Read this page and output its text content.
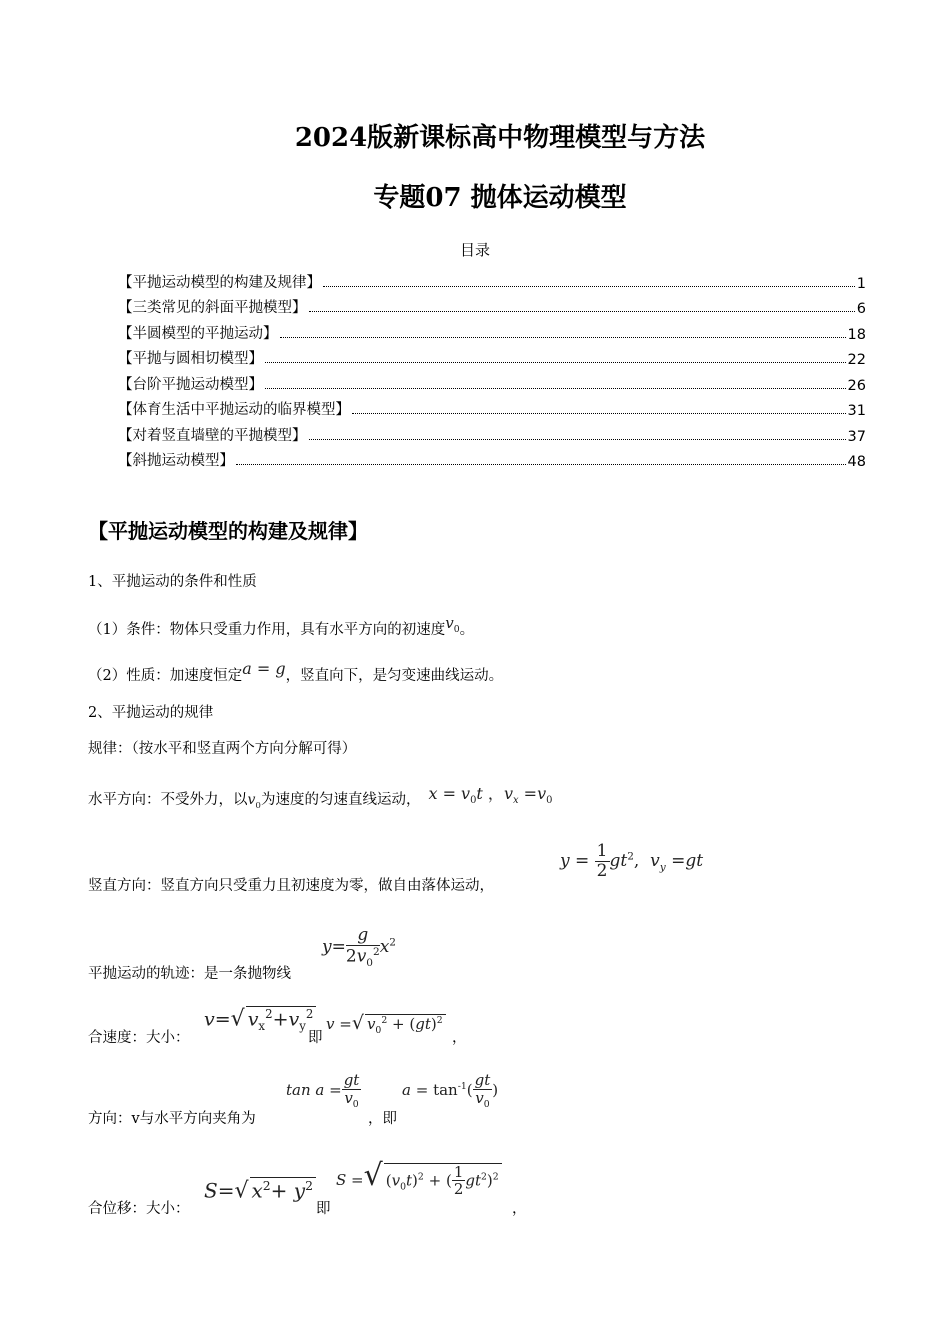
2024版新课标高中物理模型与方法
专题07 抛体运动模型
目录
【平抛运动模型的构建及规律】	1
【三类常见的斜面平抛模型】	6
【半圆模型的平抛运动】	18
【平抛与圆相切模型】	22
【台阶平抛运动模型】	26
【体育生活中平抛运动的临界模型】	31
【对着竖直墙壁的平抛模型】	37
【斜抛运动模型】	48
【平抛运动模型的构建及规律】
1、平抛运动的条件和性质
（1）条件：物体只受重力作用，具有水平方向的初速度$v_0$。
（2）性质：加速度恒定a = g，竖直向下，是匀变速曲线运动。
2、平抛运动的规律
规律：（按水平和竖直两个方向分解可得）
水平方向：不受外力，以$v_0$为速度的匀速直线运动， $x = v_0t$ ，$v_x =v_0$
竖直方向：竖直方向只受重力且初速度为零，做自由落体运动，
$y = \frac{1}{2} gt^2$,  $v_y =gt$
平抛运动的轨迹：是一条抛物线
$y= \frac{g}{2v_0^2} x^2$
合速度：大小：
v=√ $v_x^2+v_y^2$
即
v =√ $v_0^2 + (gt)^2$
，
方向：v与水平方向夹角为
$\tan a = \frac{gt}{v_0}$
，即
$a = \tan^{-1}( \frac{gt}{v_0}$ )
合位移：大小：
S=√ $x^2+ y^2$
即
S =√ $(v_0t)^2$ + ( $\frac{1}{2} gt^2)^2$
，
